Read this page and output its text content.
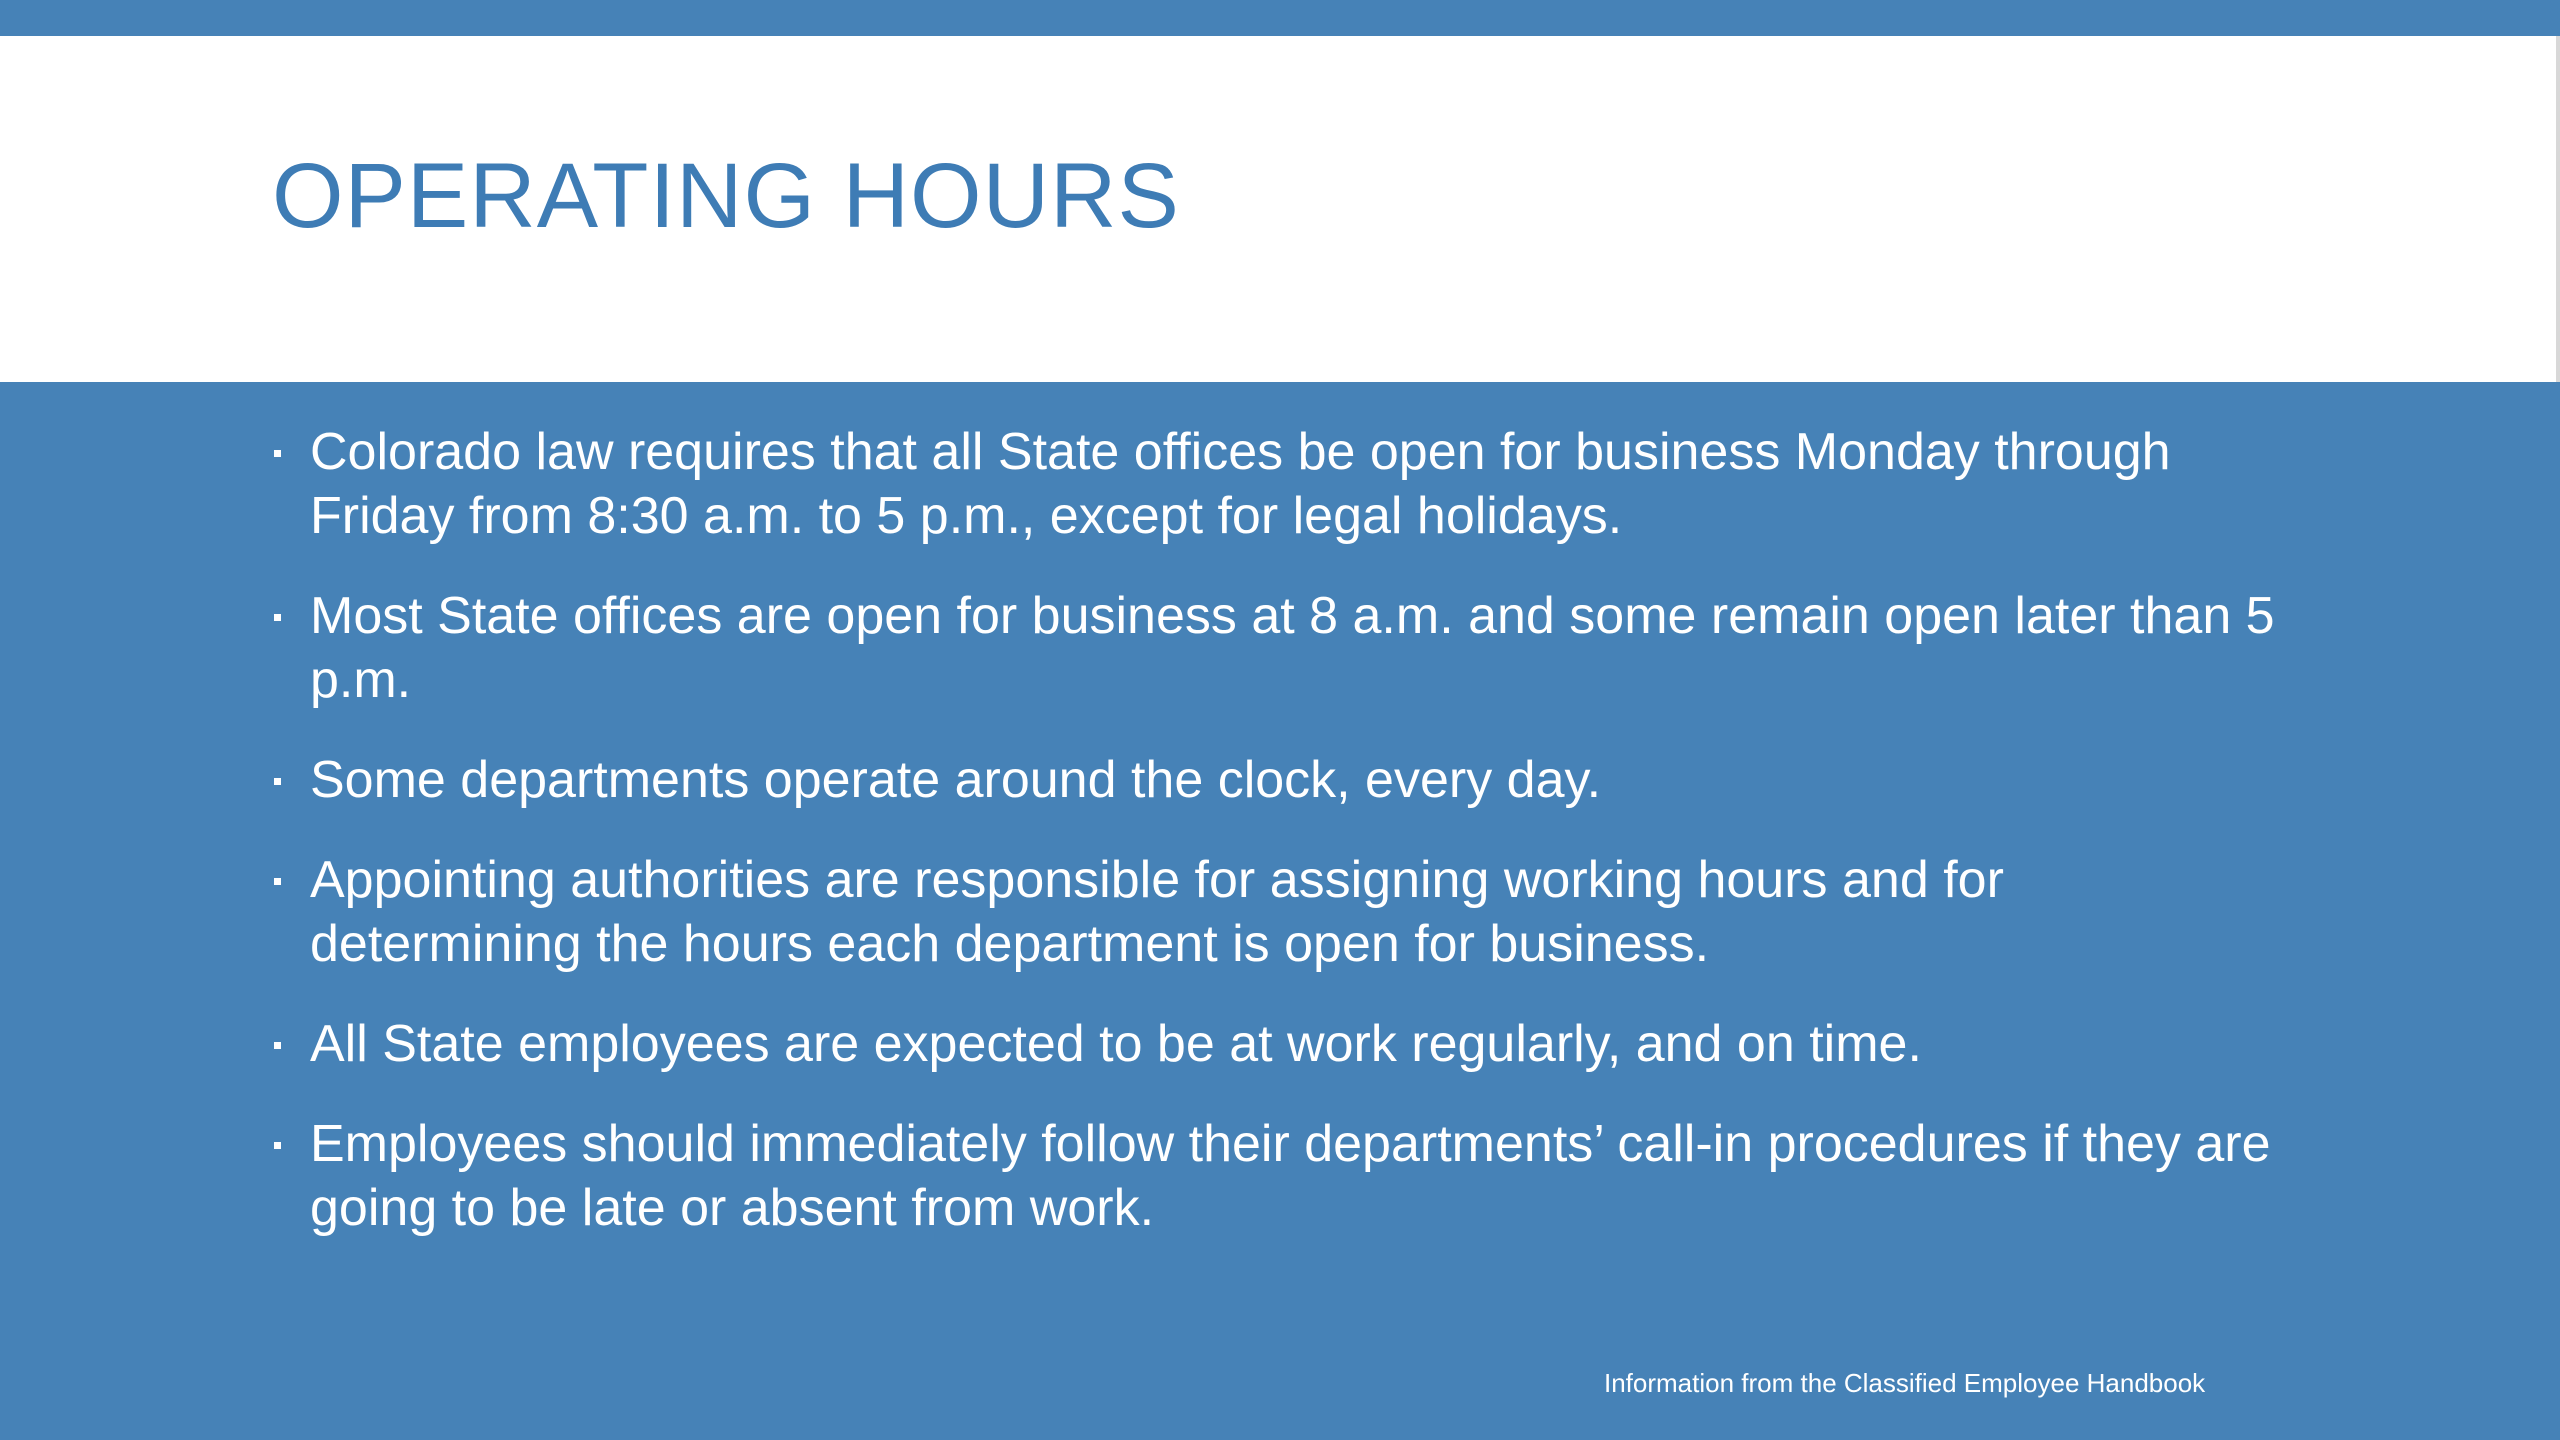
OPERATING HOURS
Colorado law requires that all State offices be open for business Monday through Friday from 8:30 a.m. to 5 p.m., except for legal holidays.
Most State offices are open for business at 8 a.m. and some remain open later than 5 p.m.
Some departments operate around the clock, every day.
Appointing authorities are responsible for assigning working hours and for determining the hours each department is open for business.
All State employees are expected to be at work regularly, and on time.
Employees should immediately follow their departments’ call-in procedures if they are going to be late or absent from work.
Information from the Classified Employee Handbook
